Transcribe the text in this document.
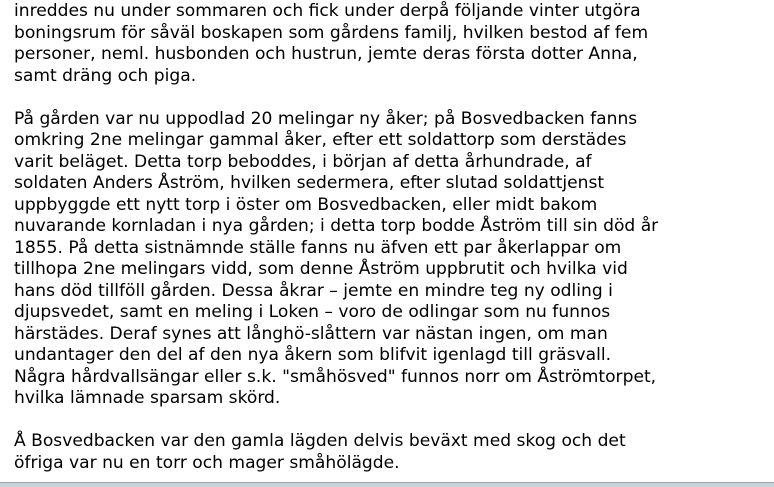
inreddes nu under sommaren och fick under derpå följande vinter utgöra
boningsrum för såväl boskapen som gårdens familj, hvilken bestod af fem
personer, neml. husbonden och hustrun, jemte deras första dotter Anna,
samt dräng och piga.
På gården var nu uppodlad 20 melingar ny åker; på Bosvedbacken fanns
omkring 2ne melingar gammal åker, efter ett soldattorp som derstädes
varit beläget. Detta torp beboddes, i början af detta århundrade, af
soldaten Anders Åström, hvilken sedermera, efter slutad soldattjenst
uppbyggde ett nytt torp i öster om Bosvedbacken, eller midt bakom
nuvarande kornladan i nya gården; i detta torp bodde Åström till sin död år
1855. På detta sistnämnde ställe fanns nu äfven ett par åkerlappar om
tillhopa 2ne melingars vidd, som denne Åström uppbrutit och hvilka vid
hans död tillföll gården. Dessa åkrar – jemte en mindre teg ny odling i
djupsvedet, samt en meling i Loken – voro de odlingar som nu funnos
härstädes. Deraf synes att långhö-slåttern var nästan ingen, om man
undantager den del af den nya åkern som blifvit igenlagd till gräsvall.
Några hårdvallsängar eller s.k. "småhösved" funnos norr om Åströmtorpet,
hvilka lämnade sparsam skörd.
Å Bosvedbacken var den gamla lägden delvis beväxt med skog och det
öfriga var nu en torr och mager småhölägde.
